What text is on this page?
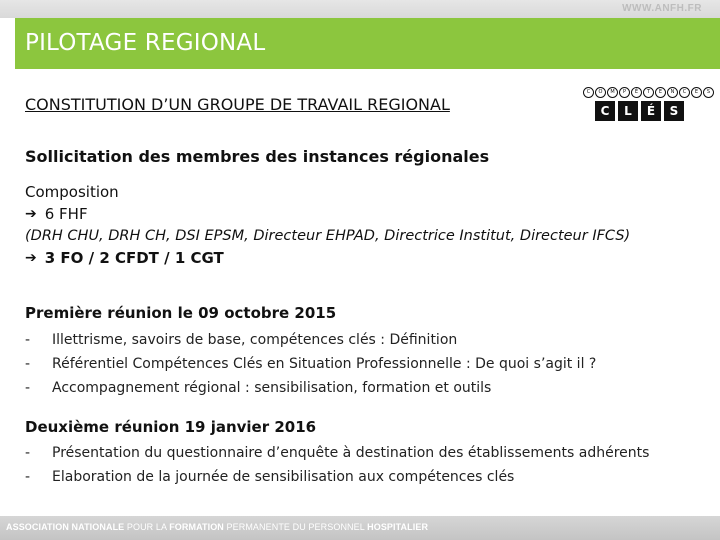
WWW.ANFH.FR
PILOTAGE REGIONAL
CONSTITUTION D’UN GROUPE DE TRAVAIL REGIONAL
C	O	M	P	É	T	E	N	C	E	S
C	L	É	S
Sollicitation des membres des instances régionales
Composition
➔ 6 FHF
(DRH CHU, DRH CH, DSI EPSM, Directeur EHPAD, Directrice Institut, Directeur IFCS)
➔ 3 FO / 2 CFDT / 1 CGT
Première réunion le 09 octobre 2015
-	Illettrisme, savoirs de base, compétences clés : Définition
-	Référentiel Compétences Clés en Situation Professionnelle : De quoi s’agit il ?
-	Accompagnement régional : sensibilisation, formation et outils
Deuxième réunion 19 janvier 2016
-	Présentation du questionnaire d’enquête à destination des établissements adhérents
-	Elaboration de la journée de sensibilisation aux compétences clés
ASSOCIATION NATIONALE POUR LA FORMATION PERMANENTE DU PERSONNEL HOSPITALIER
